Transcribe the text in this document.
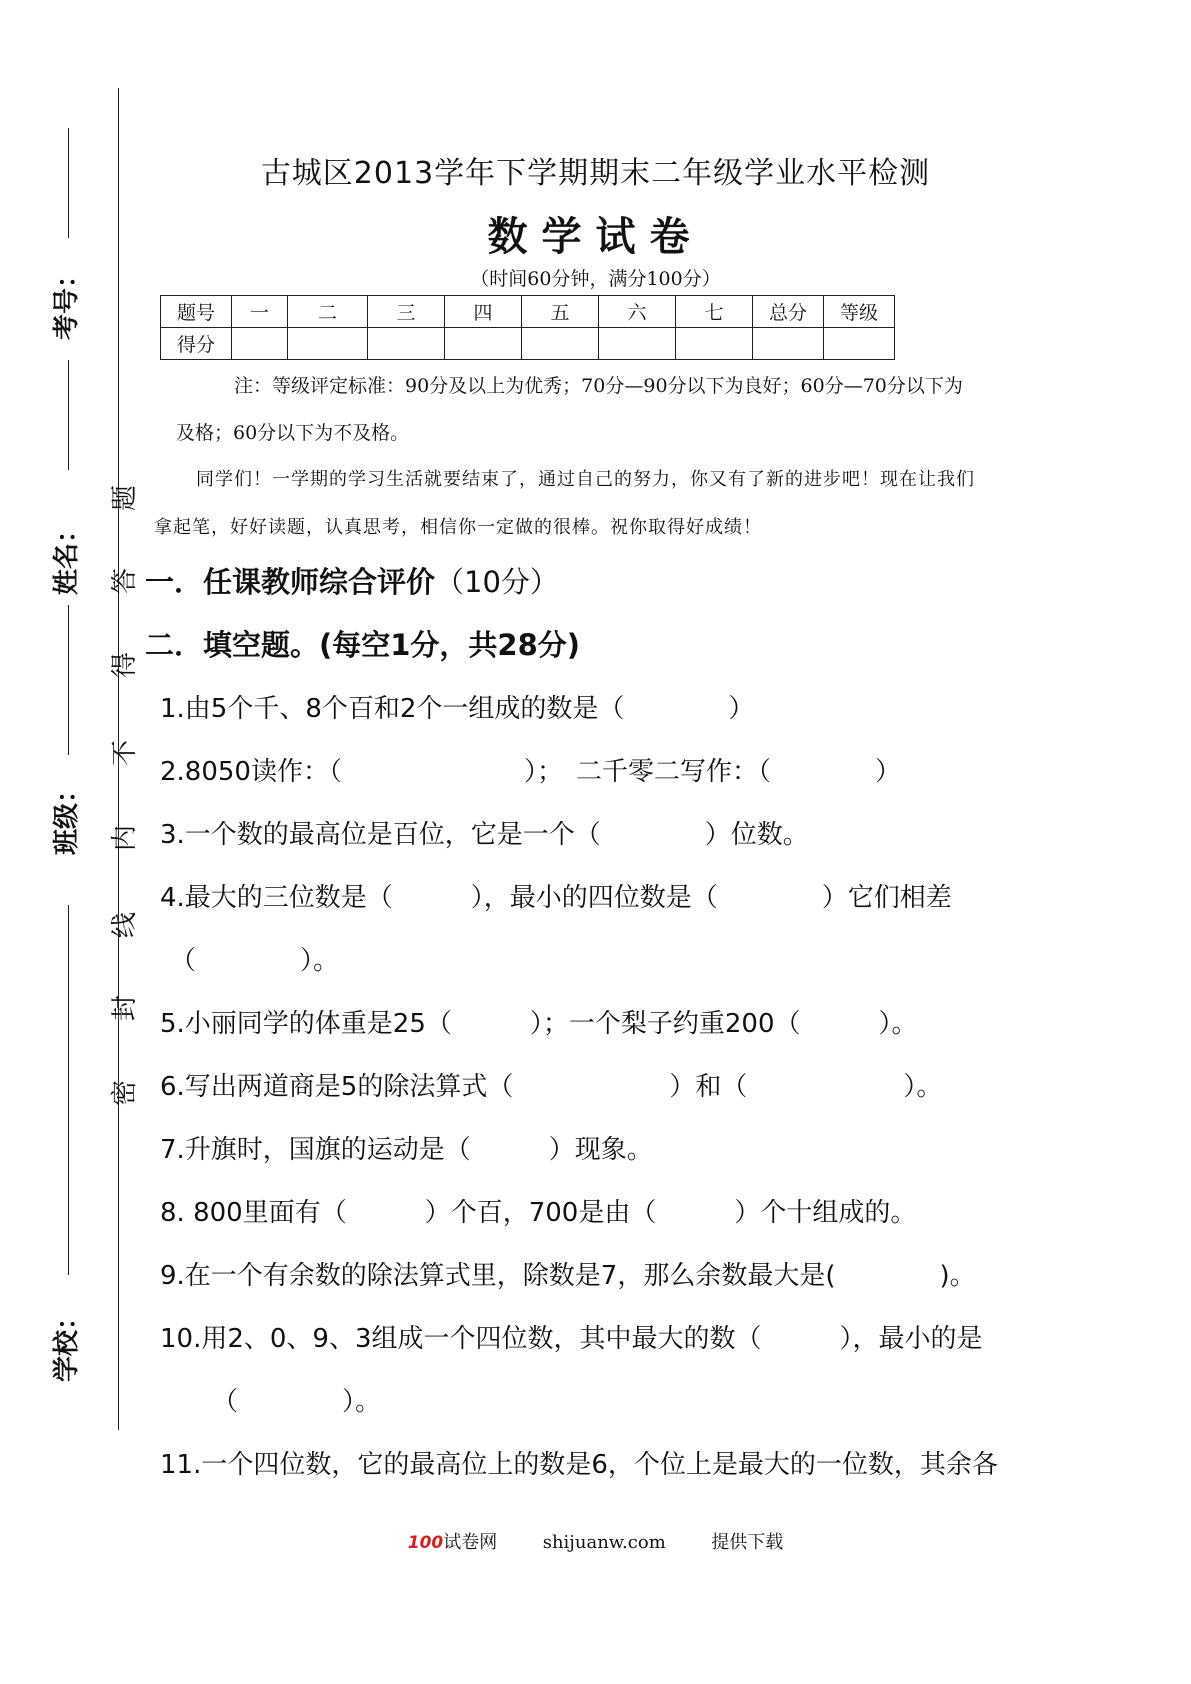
考号：
姓名：
班级：
学校：
题
答
得
不
内
线
封
密
古城区2013学年下学期期末二年级学业水平检测
数学试卷
（时间60分钟，满分100分）
题号	一	二	三	四	五	六	七	总分	等级
得分									
注：等级评定标准：90分及以上为优秀；70分—90分以下为良好；60分—70分以下为
及格；60分以下为不及格。
同学们！一学期的学习生活就要结束了，通过自己的努力，你又有了新的进步吧！现在让我们
拿起笔，好好读题，认真思考，相信你一定做的很棒。祝你取得好成绩！
一．任课教师综合评价（10分）
二．填空题。(每空1分，共28分)
1.由5个千、8个百和2个一组成的数是（　　　　）
2.8050读作：（　　　　　　　）；　二千零二写作：（　　　　）
3.一个数的最高位是百位，它是一个（　　　　）位数。
4.最大的三位数是（　　　），最小的四位数是（　　　　）它们相差
（　　　　）。
5.小丽同学的体重是25（　　　）；一个梨子约重200（　　　）。
6.写出两道商是5的除法算式（　　　　　　）和（　　　　　　）。
7.升旗时，国旗的运动是（　　　）现象。
8. 800里面有（　　　）个百，700是由（　　　）个十组成的。
9.在一个有余数的除法算式里，除数是7，那么余数最大是(　　　　)。
10.用2、0、9、3组成一个四位数，其中最大的数（　　　），最小的是
（　　　　）。
11.一个四位数，它的最高位上的数是6，个位上是最大的一位数，其余各
100试卷网	shijuanw.com	提供下载
